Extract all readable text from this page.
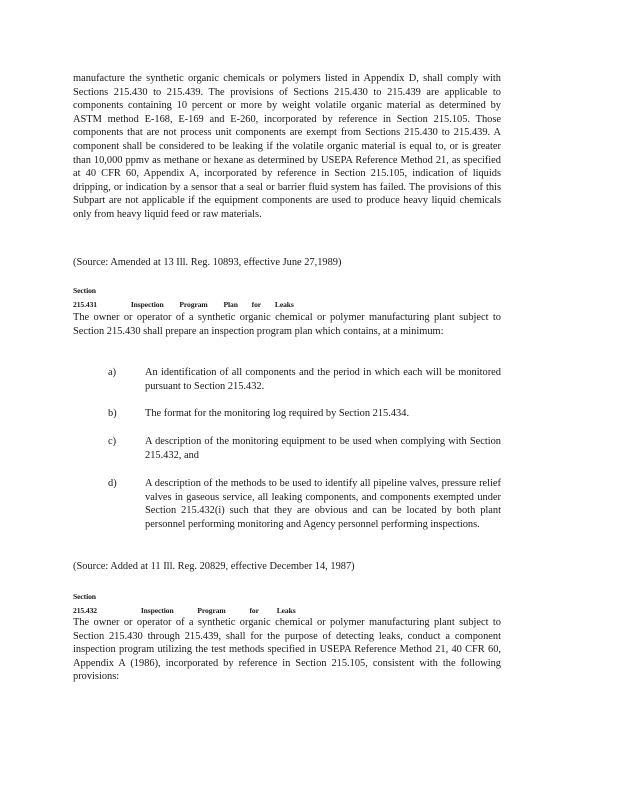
manufacture the synthetic organic chemicals or polymers listed in Appendix D, shall comply with Sections 215.430 to 215.439. The provisions of Sections 215.430 to 215.439 are applicable to components containing 10 percent or more by weight volatile organic material as determined by ASTM method E-168, E-169 and E-260, incorporated by reference in Section 215.105. Those components that are not process unit components are exempt from Sections 215.430 to 215.439. A component shall be considered to be leaking if the volatile organic material is equal to, or is greater than 10,000 ppmv as methane or hexane as determined by USEPA Reference Method 21, as specified at 40 CFR 60, Appendix A, incorporated by reference in Section 215.105, indication of liquids dripping, or indication by a sensor that a seal or barrier fluid system has failed. The provisions of this Subpart are not applicable if the equipment components are used to produce heavy liquid chemicals only from heavy liquid feed or raw materials.

(Source: Amended at 13 Ill. Reg. 10893, effective June 27,1989)

Section 215.431	Inspection Program Plan for Leaks

The owner or operator of a synthetic organic chemical or polymer manufacturing plant subject to Section 215.430 shall prepare an inspection program plan which contains, at a minimum:

a)	An identification of all components and the period in which each will be monitored pursuant to Section 215.432.

b)	The format for the monitoring log required by Section 215.434.

c)	A description of the monitoring equipment to be used when complying with Section 215.432, and

d)	A description of the methods to be used to identify all pipeline valves, pressure relief valves in gaseous service, all leaking components, and components exempted under Section 215.432(i) such that they are obvious and can be located by both plant personnel performing monitoring and Agency personnel performing inspections.

(Source: Added at 11 Ill. Reg. 20829, effective December 14, 1987)

Section 215.432	Inspection	Program	for Leaks

The owner or operator of a synthetic organic chemical or polymer manufacturing plant subject to Section 215.430 through 215.439, shall for the purpose of detecting leaks, conduct a component inspection program utilizing the test methods specified in USEPA Reference Method 21, 40 CFR 60, Appendix A (1986), incorporated by reference in Section 215.105, consistent with the following provisions:
